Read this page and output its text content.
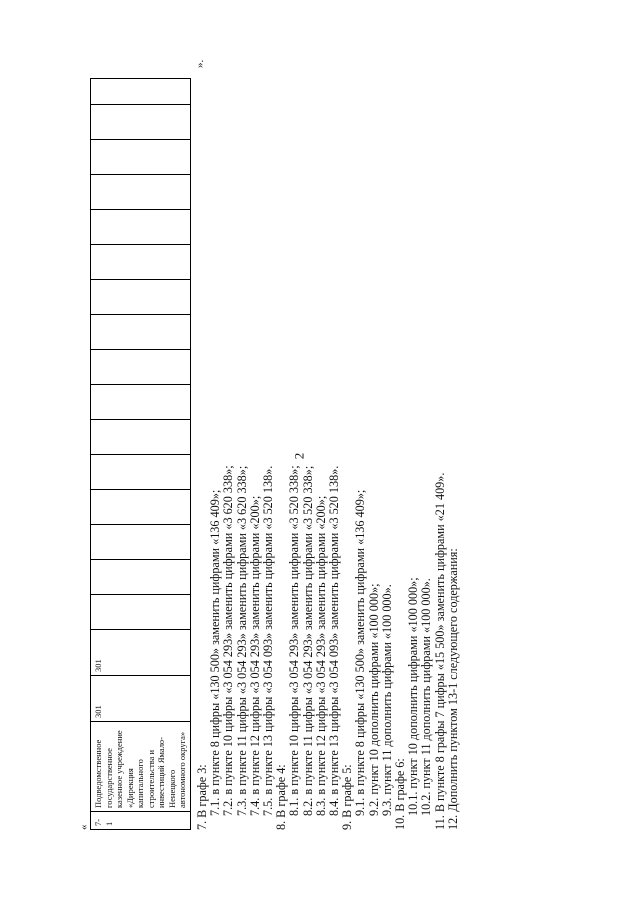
2
«
7-1	Подведомственное государственное казенное учреждение «Дирекция капитального строительства и инвестиций Ямало-Ненецкого автономного округа»	301	301																
».
7. В графе 3: 7.1. в пункте 8 цифры «130 500» заменить цифрами «136 409»; 7.2. в пункте 10 цифры «3 054 293» заменить цифрами «3 620 338»; 7.3. в пункте 11 цифры «3 054 293» заменить цифрами «3 620 338»; 7.4. в пункте 12 цифры «3 054 293» заменить цифрами «200»; 7.5. в пункте 13 цифры «3 054 093» заменить цифрами «3 520 138». 8. В графе 4: 8.1. в пункте 10 цифры «3 054 293» заменить цифрами «3 520 338»; 8.2. в пункте 11 цифры «3 054 293» заменить цифрами «3 520 338»; 8.3. в пункте 12 цифры «3 054 293» заменить цифрами «200»; 8.4. в пункте 13 цифры «3 054 093» заменить цифрами «3 520 138». 9. В графе 5: 9.1. в пункте 8 цифры «130 500» заменить цифрами «136 409»; 9.2. пункт 10 дополнить цифрами «100 000»; 9.3. пункт 11 дополнить цифрами «100 000». 10. В графе 6: 10.1. пункт 10 дополнить цифрами «100 000»; 10.2. пункт 11 дополнить цифрами «100 000». 11. В пункте 8 графы 7 цифры «15 500» заменить цифрами «21 409». 12. Дополнить пунктом 13-1 следующего содержания:
